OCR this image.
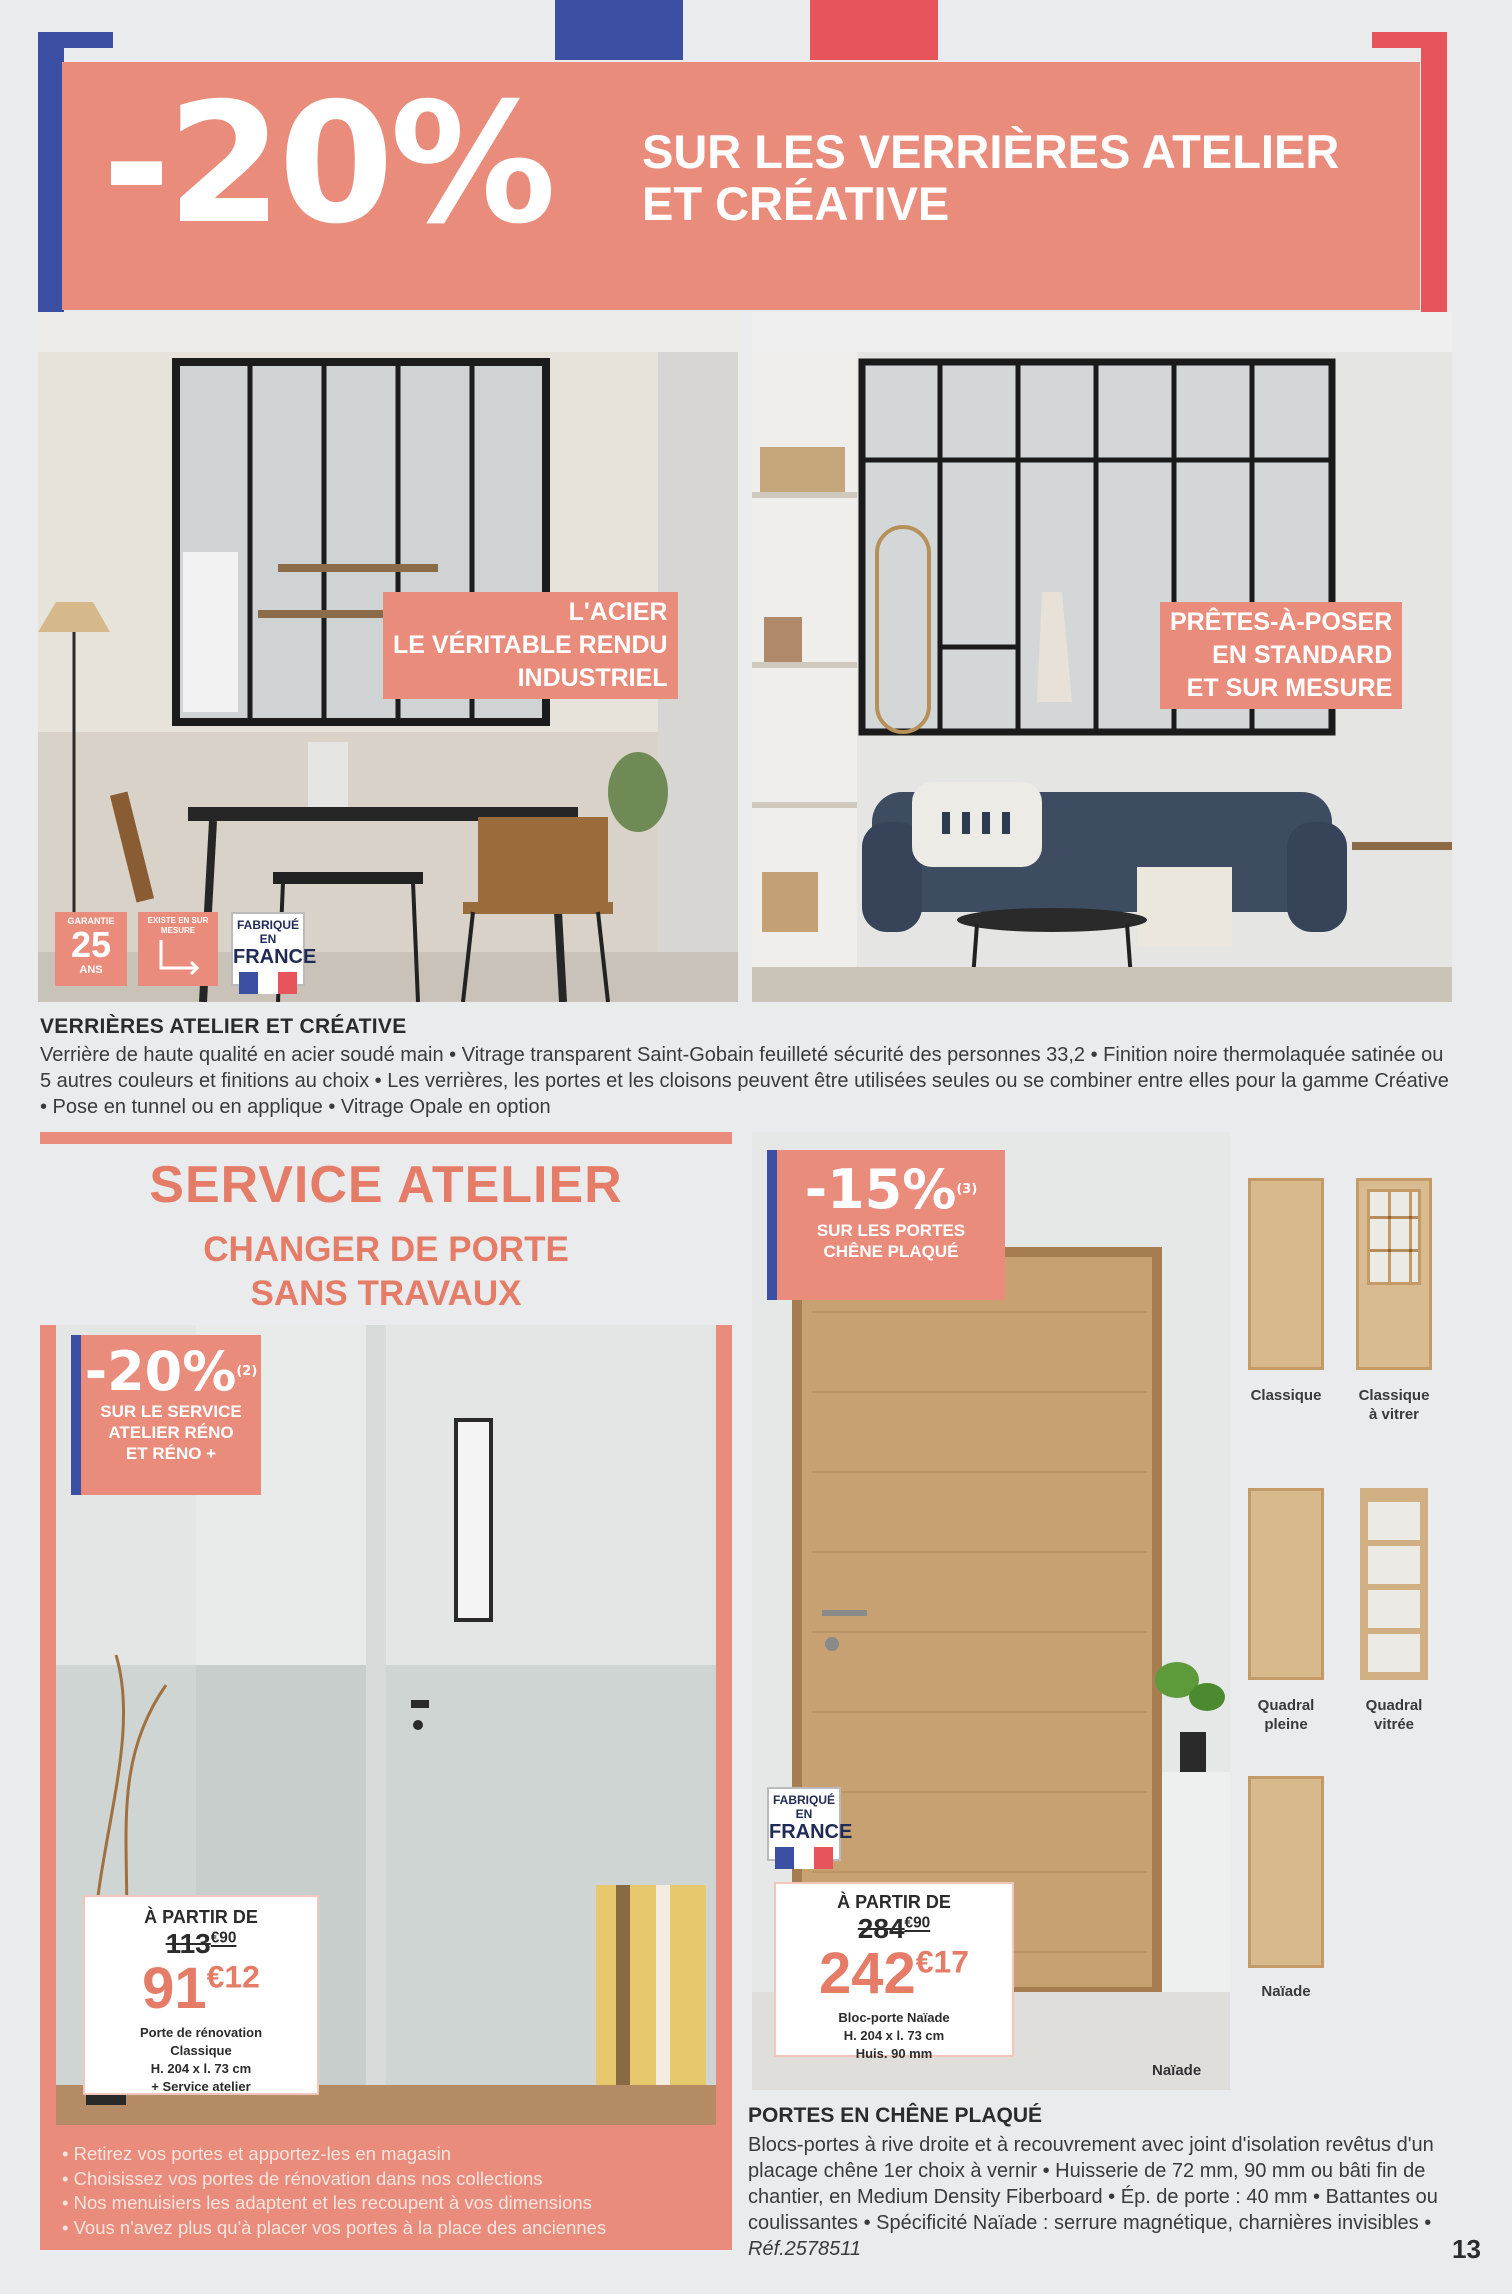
-20% SUR LES VERRIÈRES ATELIER
ET CRÉATIVE
L'ACIER
LE VÉRITABLE RENDU
INDUSTRIEL
GARANTIE
25
ANS
EXISTE EN SUR MESURE	FABRIQUÉ EN
FRANCE
PRÊTES-À-POSER
EN STANDARD
ET SUR MESURE
VERRIÈRES ATELIER ET CRÉATIVE
Verrière de haute qualité en acier soudé main • Vitrage transparent Saint-Gobain feuilleté sécurité des personnes 33,2 • Finition noire thermolaquée satinée ou 5 autres couleurs et finitions au choix • Les verrières, les portes et les cloisons peuvent être utilisées seules ou se combiner entre elles pour la gamme Créative • Pose en tunnel ou en applique • Vitrage Opale en option
SERVICE ATELIER
CHANGER DE PORTE
SANS TRAVAUX
-20%$^{(2)}$
SUR LE SERVICE
ATELIER RÉNO
ET RÉNO +
À PARTIR DE
$113^{€90}$
$91^{€12}$
Porte de rénovation
Classique
H. 204 x l. 73 cm
+ Service atelier
• Retirez vos portes et apportez-les en magasin
• Choisissez vos portes de rénovation dans nos collections
• Nos menuisiers les adaptent et les recoupent à vos dimensions
• Vous n'avez plus qu'à placer vos portes à la place des anciennes
-15%$^{(3)}$
SUR LES PORTES
CHÊNE PLAQUÉ
FABRIQUÉ EN
FRANCE
À PARTIR DE
$284^{€90}$
$242^{€17}$
Bloc-porte Naïade
H. 204 x l. 73 cm
Huis. 90 mm
Naïade
Classique	Classique
à vitrer
Quadral
pleine
Quadral
vitrée
Naïade
PORTES EN CHÊNE PLAQUÉ
Blocs-portes à rive droite et à recouvrement avec joint d'isolation revêtus d'un placage chêne 1er choix à vernir • Huisserie de 72 mm, 90 mm ou bâti fin de chantier, en Medium Density Fiberboard • Ép. de porte : 40 mm • Battantes ou coulissantes • Spécificité Naïade : serrure magnétique, charnières invisibles • Réf.2578511	13
